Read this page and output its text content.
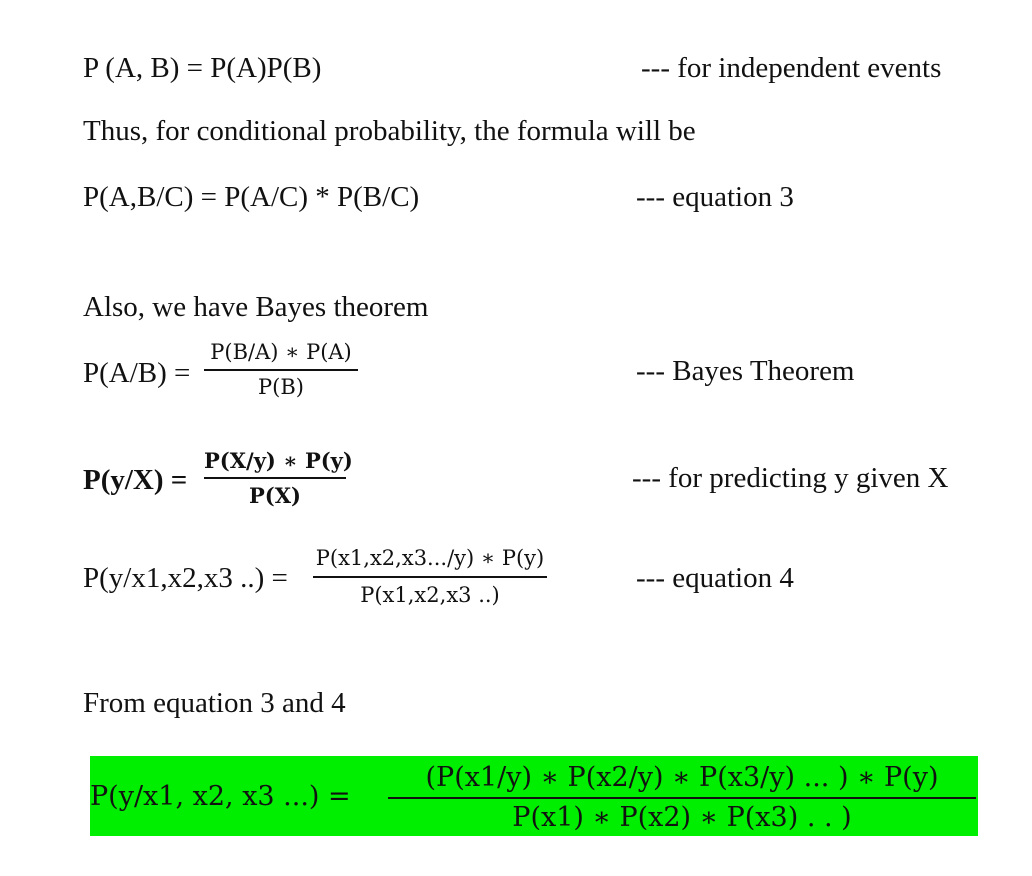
P (A, B) = P(A)P(B)	--- for independent events
Thus, for conditional probability, the formula will be
P(A,B/C) = P(A/C) * P(B/C)	--- equation 3
Also, we have Bayes theorem
P(A/B) =
P(B/A) ∗ P(A)
P(B)	--- Bayes Theorem
P(y/X) =
P(X/y) ∗ P(y)
P(X)
--- for predicting y given X
P(y/x1,x2,x3 ..) =
P(x1,x2,x3.../y) ∗ P(y)
P(x1,x2,x3 ..)
--- equation 4
From equation 3 and 4
P(y/x1, x2, x3 ...) =
(P(x1/y) ∗ P(x2/y) ∗ P(x3/y) ... ) ∗ P(y)
P(x1) ∗ P(x2) ∗ P(x3) . . )
